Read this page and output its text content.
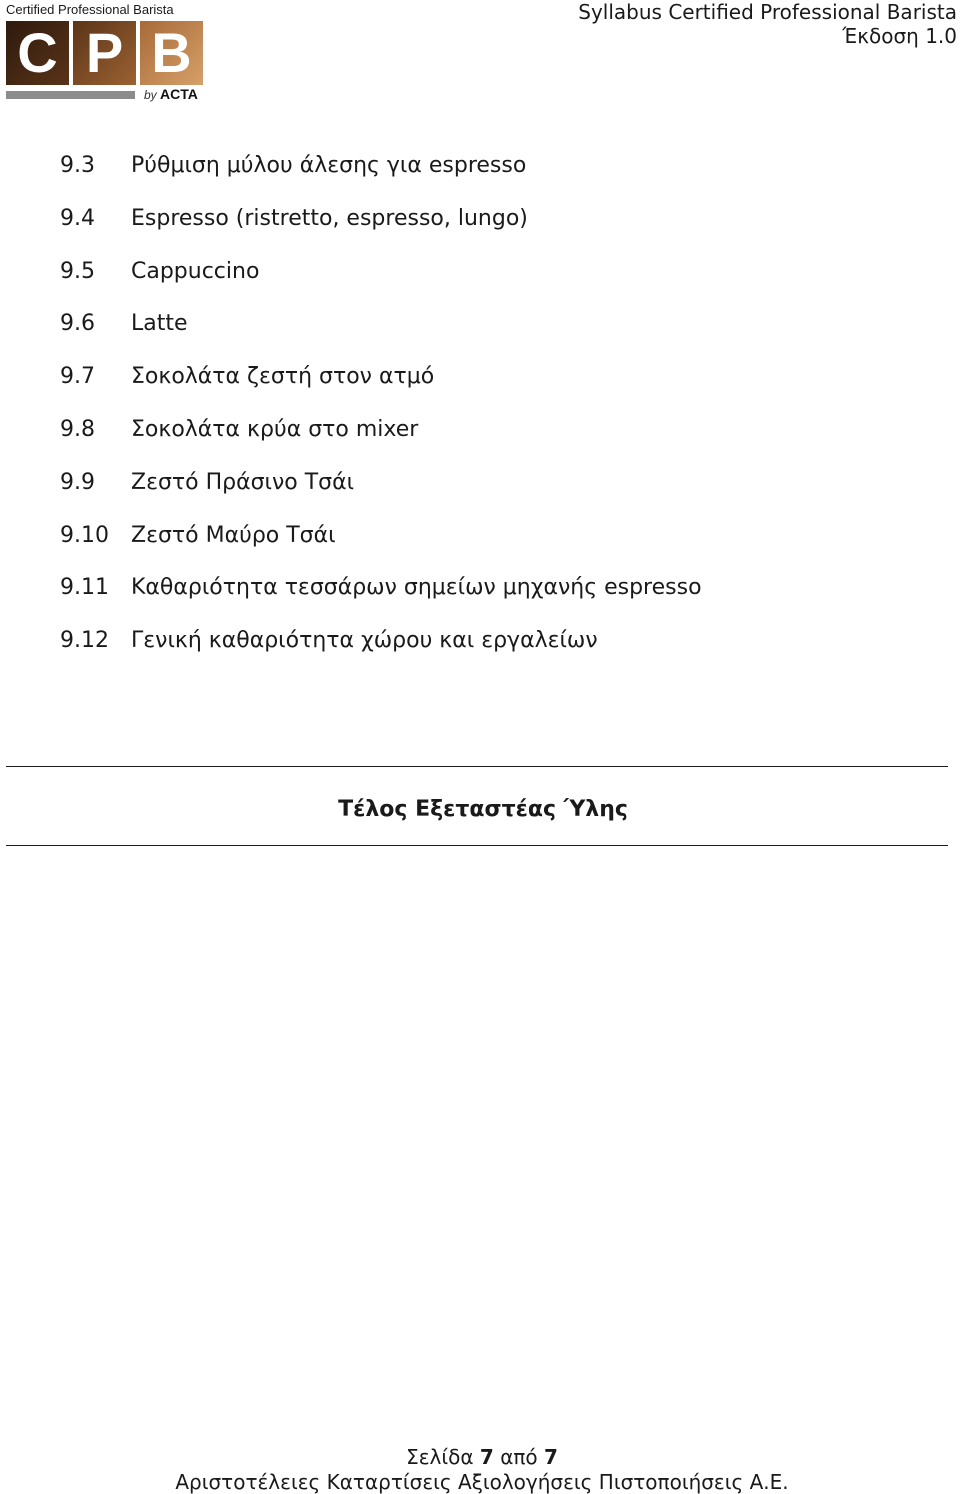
Certified Professional Barista
C P B
by ACTA
Syllabus Certified Professional Barista
Έκδοση 1.0
9.3 Ρύθμιση μύλου άλεσης για espresso
9.4 Espresso (ristretto, espresso, lungo)
9.5 Cappuccino
9.6 Latte
9.7 Σοκολάτα ζεστή στον ατμό
9.8 Σοκολάτα κρύα στο mixer
9.9 Ζεστό Πράσινο Τσάι
9.10 Ζεστό Μαύρο Τσάι
9.11 Καθαριότητα τεσσάρων σημείων μηχανής espresso
9.12 Γενική καθαριότητα χώρου και εργαλείων
Τέλος Εξεταστέας Ύλης
Σελίδα 7 από 7
Αριστοτέλειες Καταρτίσεις Αξιολογήσεις Πιστοποιήσεις Α.Ε.
